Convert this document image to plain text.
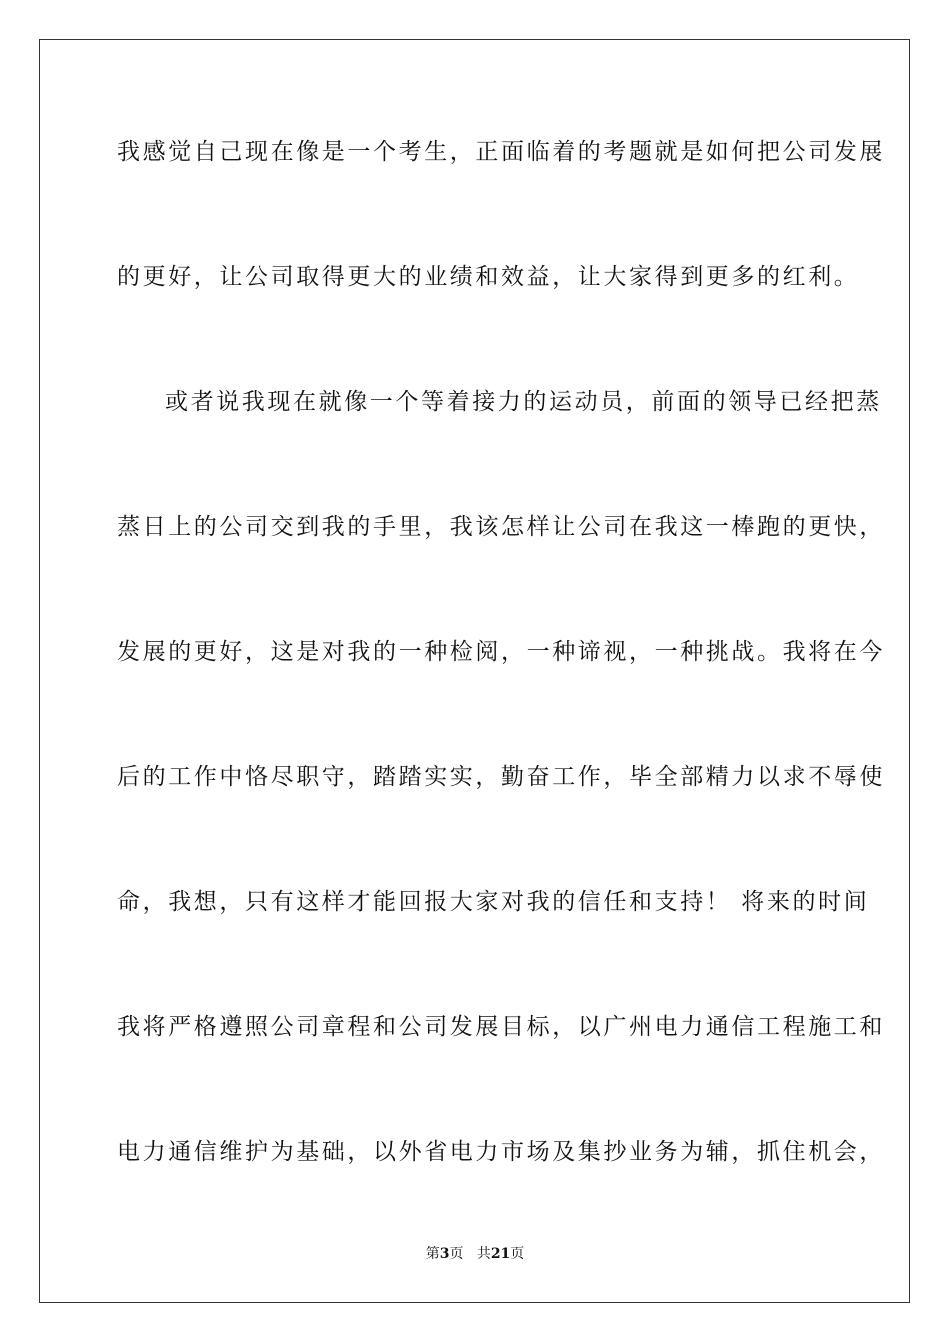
我感觉自己现在像是一个考生，正面临着的考题就是如何把公司发展
的更好，让公司取得更大的业绩和效益，让大家得到更多的红利。
或者说我现在就像一个等着接力的运动员，前面的领导已经把蒸
蒸日上的公司交到我的手里，我该怎样让公司在我这一棒跑的更快，
发展的更好，这是对我的一种检阅，一种谛视，一种挑战。我将在今
后的工作中恪尽职守，踏踏实实，勤奋工作，毕全部精力以求不辱使
命，我想，只有这样才能回报大家对我的信任和支持！ 将来的时间
我将严格遵照公司章程和公司发展目标，以广州电力通信工程施工和
电力通信维护为基础，以外省电力市场及集抄业务为辅，抓住机会，
第3页 共21页
